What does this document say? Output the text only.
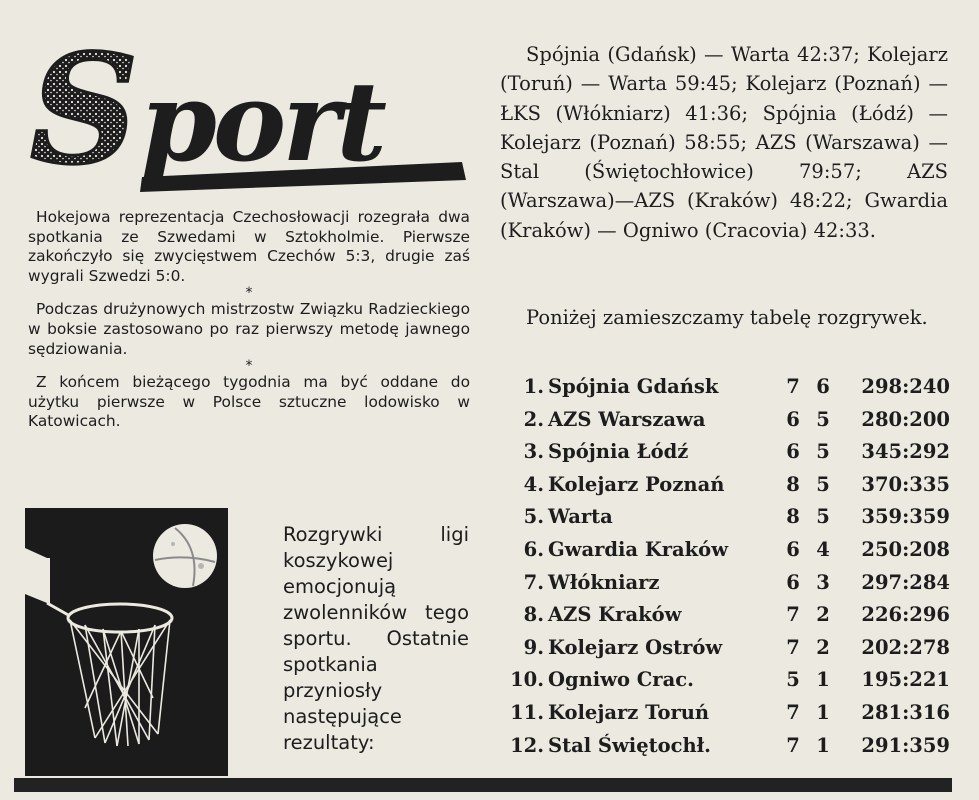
S port

Hokejowa reprezentacja Czechosłowacji rozegrała dwa spotkania ze Szwedami w Sztokholmie. Pierwsze zakończyło się zwycięstwem Czechów 5:3, drugie zaś wygrali Szwedzi 5:0.

*

Podczas drużynowych mistrzostw Związku Radzieckiego w boksie zastosowano po raz pierwszy metodę jawnego sędziowania.

*

Z końcem bieżącego tygodnia ma być oddane do użytku pierwsze w Polsce sztuczne lodowisko w Katowicach.

Rozgrywki ligi koszykowej emocjonują zwolenników tego sportu. Ostatnie spotkania przyniosły następujące rezultaty:

Spójnia (Gdańsk) — Warta 42:37; Kolejarz (Toruń) — Warta 59:45; Kolejarz (Poznań) — ŁKS (Włókniarz) 41:36; Spójnia (Łódź) — Kolejarz (Poznań) 58:55; AZS (Warszawa) — Stal (Świętochłowice) 79:57; AZS (Warszawa)—AZS (Kraków) 48:22; Gwardia (Kraków) — Ogniwo (Cracovia) 42:33.

Poniżej zamieszczamy tabelę rozgrywek.

1. Spójnia Gdańsk	7 6	298:240
2. AZS Warszawa	6 5	280:200
3. Spójnia Łódź	6 5	345:292
4. Kolejarz Poznań	8 5	370:335
5. Warta	8 5	359:359
6. Gwardia Kraków	6 4	250:208
7. Włókniarz	6 3	297:284
8. AZS Kraków	7 2	226:296
9. Kolejarz Ostrów	7 2	202:278
10. Ogniwo Crac.	5 1	195:221
11. Kolejarz Toruń	7 1	281:316
12. Stal Świętochł.	7 1	291:359
